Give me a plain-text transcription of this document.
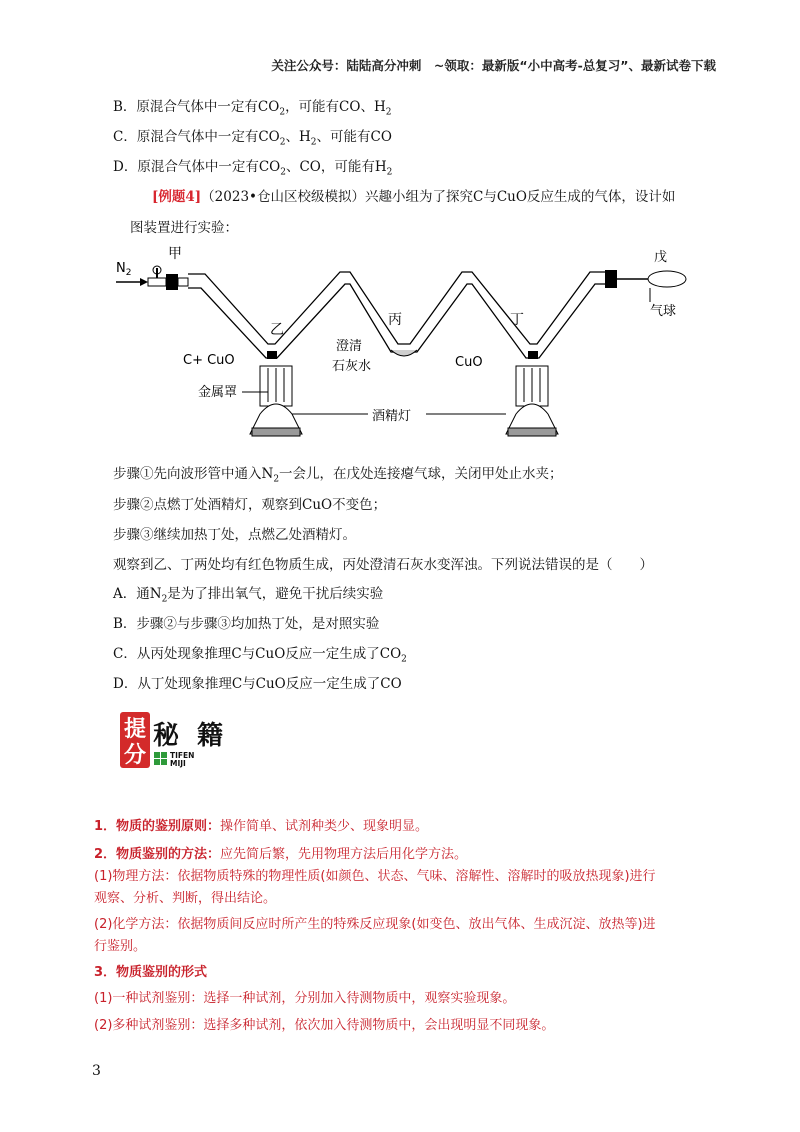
关注公众号：陆陆高分冲刺　~领取：最新版“小中高考-总复习”、最新试卷下载
B．原混合气体中一定有$CO_2$，可能有CO、$H_2$
C．原混合气体中一定有$CO_2$、$H_2$、可能有CO
D．原混合气体中一定有$CO_2$、CO，可能有$H_2$
[例题4]（2023•仓山区校级模拟）兴趣小组为了探究C与CuO反应生成的气体，设计如
图装置进行实验：
$N_2$
甲	戊
气球
乙
丙	丁
C+ CuO
澄清
石灰水	CuO
金属罩
酒精灯
步骤①先向波形管中通入$N_2$一会儿，在戊处连接瘪气球，关闭甲处止水夹；
步骤②点燃丁处酒精灯，观察到CuO不变色；
步骤③继续加热丁处，点燃乙处酒精灯。
观察到乙、丁两处均有红色物质生成，丙处澄清石灰水变浑浊。下列说法错误的是（　　）
A．通$N_2$是为了排出氧气，避免干扰后续实验
B．步骤②与步骤③均加热丁处，是对照实验
C．从丙处现象推理C与CuO反应一定生成了$CO_2$
D．从丁处现象推理C与CuO反应一定生成了CO
提
分
秘 籍
TIFEN
MIJI
1．物质的鉴别原则：操作简单、试剂种类少、现象明显。
2．物质鉴别的方法：应先简后繁，先用物理方法后用化学方法。
(1)物理方法：依据物质特殊的物理性质(如颜色、状态、气味、溶解性、溶解时的吸放热现象)进行
观察、分析、判断，得出结论。
(2)化学方法：依据物质间反应时所产生的特殊反应现象(如变色、放出气体、生成沉淀、放热等)进
行鉴别。
3．物质鉴别的形式
(1)一种试剂鉴别：选择一种试剂，分别加入待测物质中，观察实验现象。
(2)多种试剂鉴别：选择多种试剂，依次加入待测物质中，会出现明显不同现象。
3
